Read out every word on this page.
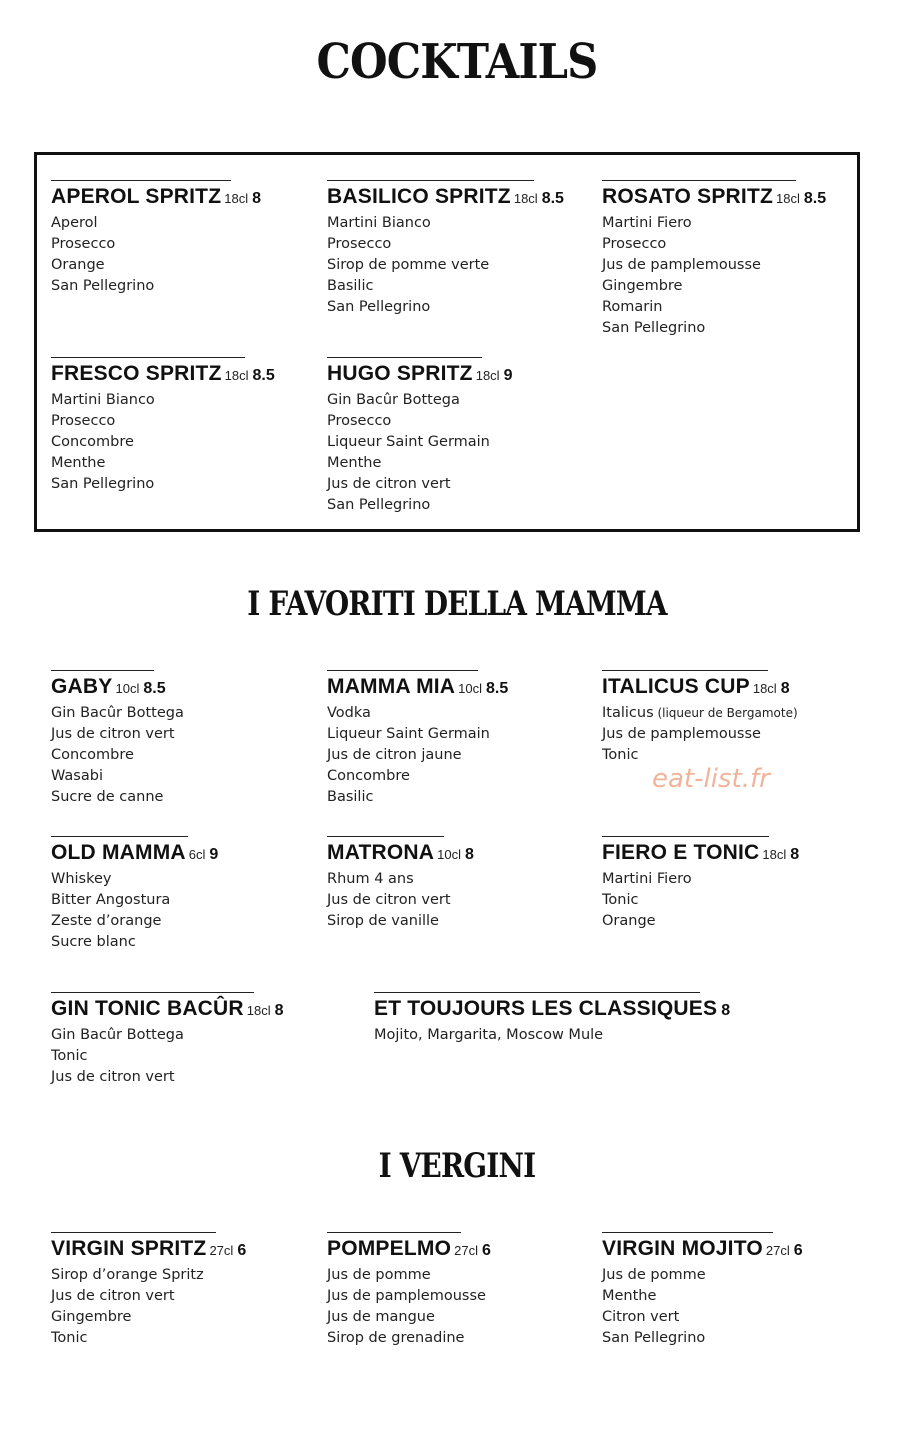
COCKTAILS
I FAVORITI DELLA MAMMA
I VERGINI
APEROL SPRITZ 18cl 8
Aperol
Prosecco
Orange
San Pellegrino
BASILICO SPRITZ 18cl 8.5
Martini Bianco
Prosecco
Sirop de pomme verte
Basilic
San Pellegrino
ROSATO SPRITZ 18cl 8.5
Martini Fiero
Prosecco
Jus de pamplemousse
Gingembre
Romarin
San Pellegrino
FRESCO SPRITZ 18cl 8.5
Martini Bianco
Prosecco
Concombre
Menthe
San Pellegrino
HUGO SPRITZ 18cl 9
Gin Bacûr Bottega
Prosecco
Liqueur Saint Germain
Menthe
Jus de citron vert
San Pellegrino
GABY 10cl 8.5
Gin Bacûr Bottega
Jus de citron vert
Concombre
Wasabi
Sucre de canne
MAMMA MIA 10cl 8.5
Vodka
Liqueur Saint Germain
Jus de citron jaune
Concombre
Basilic
ITALICUS CUP 18cl 8
Italicus (liqueur de Bergamote)
Jus de pamplemousse
Tonic
OLD MAMMA 6cl 9
Whiskey
Bitter Angostura
Zeste d’orange
Sucre blanc
MATRONA 10cl 8
Rhum 4 ans
Jus de citron vert
Sirop de vanille
FIERO E TONIC 18cl 8
Martini Fiero
Tonic
Orange
GIN TONIC BACÛR 18cl 8
Gin Bacûr Bottega
Tonic
Jus de citron vert
ET TOUJOURS LES CLASSIQUES 8
Mojito, Margarita, Moscow Mule
VIRGIN SPRITZ 27cl 6
Sirop d’orange Spritz
Jus de citron vert
Gingembre
Tonic
POMPELMO 27cl 6
Jus de pomme
Jus de pamplemousse
Jus de mangue
Sirop de grenadine
VIRGIN MOJITO 27cl 6
Jus de pomme
Menthe
Citron vert
San Pellegrino
eat-list.fr
